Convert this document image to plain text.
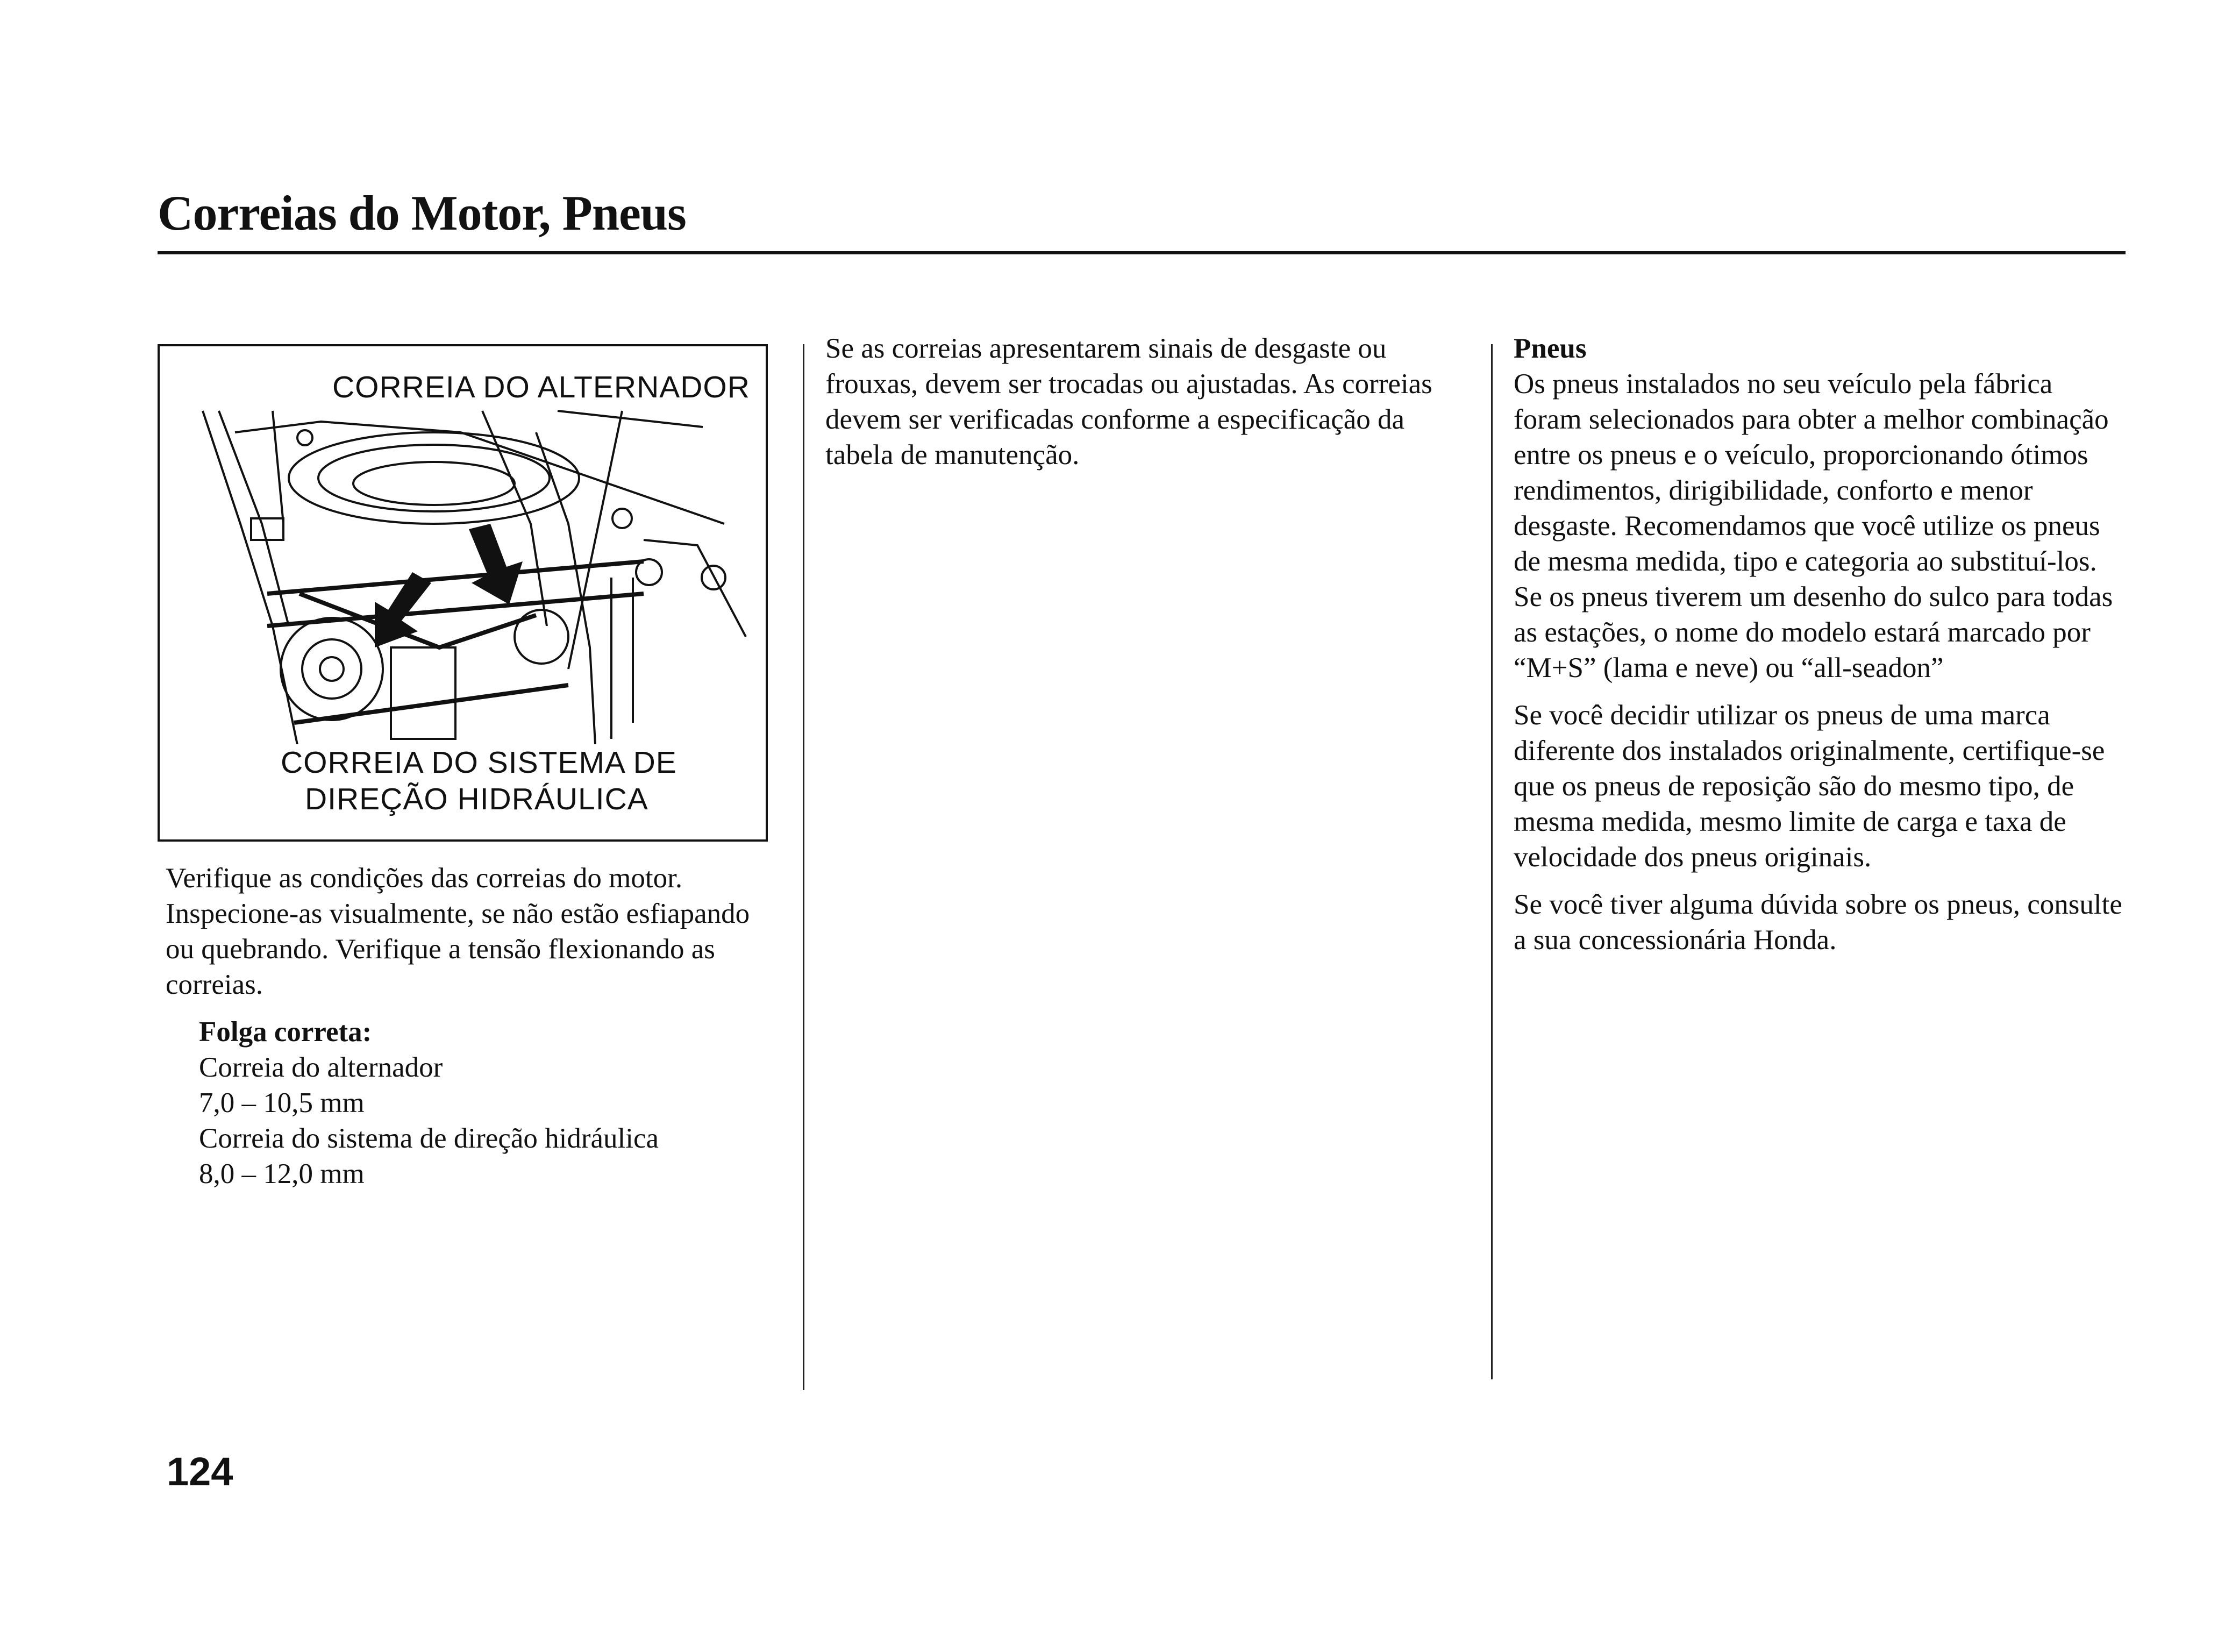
Correias do Motor, Pneus
CORREIA DO ALTERNADOR
CORREIA DO SISTEMA DE
DIREÇÃO HIDRÁULICA

Verifique as condições das correias do motor. Inspecione-as visualmente, se não estão esfiapando ou quebrando. Verifique a tensão flexionando as correias.

Folga correta:
Correia do alternador
7,0 – 10,5 mm
Correia do sistema de direção hidráulica
8,0 – 12,0 mm

Se as correias apresentarem sinais de desgaste ou frouxas, devem ser trocadas ou ajustadas. As correias devem ser verificadas conforme a especificação da tabela de manutenção.

Pneus

Os pneus instalados no seu veículo pela fábrica foram selecionados para obter a melhor combinação entre os pneus e o veículo, proporcionando ótimos rendimentos, dirigibilidade, conforto e menor desgaste. Recomendamos que você utilize os pneus de mesma medida, tipo e categoria ao substituí-los. Se os pneus tiverem um desenho do sulco para todas as estações, o nome do modelo estará marcado por “M+S” (lama e neve) ou “all-seadon”

Se você decidir utilizar os pneus de uma marca diferente dos instalados originalmente, certifique-se que os pneus de reposição são do mesmo tipo, de mesma medida, mesmo limite de carga e taxa de velocidade dos pneus originais.

Se você tiver alguma dúvida sobre os pneus, consulte a sua concessionária Honda.

124
